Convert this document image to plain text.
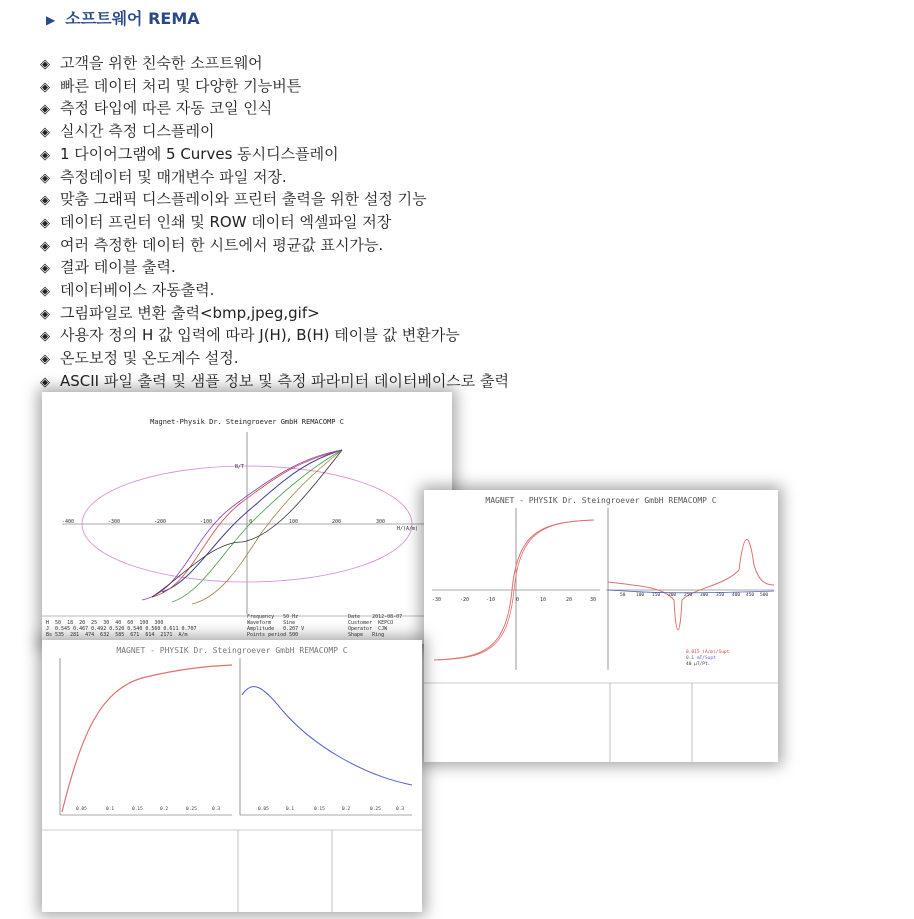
▶ 소프트웨어 REMA
◈ 고객을 위한 친숙한 소프트웨어
◈ 빠른 데이터 처리 및 다양한 기능버튼
◈ 측정 타입에 따른 자동 코일 인식
◈ 실시간 측정 디스플레이
◈ 1 다이어그램에 5 Curves 동시디스플레이
◈ 측정데이터 및 매개변수 파일 저장.
◈ 맞춤 그래픽 디스플레이와 프린터 출력을 위한 설정 기능
◈ 데이터 프린터 인쇄 및 ROW 데이터 엑셀파일 저장
◈ 여러 측정한 데이터 한 시트에서 평균값 표시가능.
◈ 결과 테이블 출력.
◈ 데이터베이스 자동출력.
◈ 그림파일로 변환 출력<bmp,jpeg,gif>
◈ 사용자 정의 H 값 입력에 따라 J(H), B(H) 테이블 값 변환가능
◈ 온도보정 및 온도계수 설정.
◈ ASCII 파일 출력 및 샘플 정보 및 측정 파라미터 데이터베이스로 출력
Magnet-Physik Dr. Steingroever GmbH REMACOMP C
-400	-300	-200	-100	0	100	200	300
H/(A/m)
B/T
H  50  18  20  25  30  40  60  100  300
J  0.545 0.467 0.492 0.520 0.540 0.560 0.611 0.707
Bs 535  281  474  632  585  671  614  2171  A/m
Frequency   50 Hz
Waveform    Sine
Amplitude   0.207 V
Points period 500
Date    2012-08-07
Customer  KEPCO
Operator  CJW
Shape   Ring
MAGNET - PHYSIK Dr. Steingroever GmbH REMACOMP C
-30	-20	-10	0	10	20	30
50 100 150 200 250 300 350 400 450 500
0.015 (A/m)/Supt
0.1 mT/Supt
40 µT/Pt.
MAGNET - PHYSIK Dr. Steingroever GmbH REMACOMP C
0.05	0.1	0.15	0.2	0.25	0.3	0.05	0.1	0.15	0.2	0.25	0.3
